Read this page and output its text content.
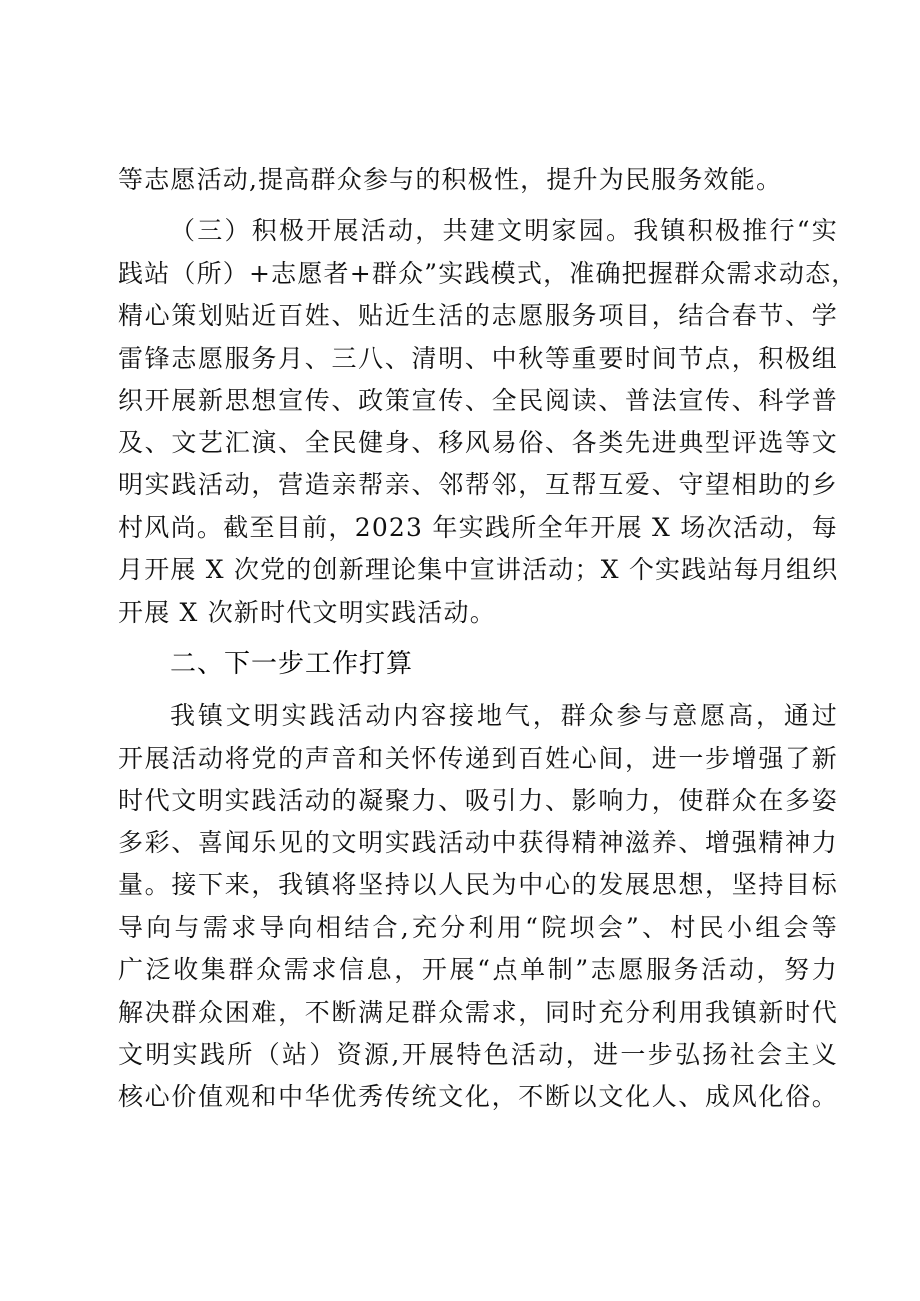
等志愿活动,提高群众参与的积极性，提升为民服务效能。
（三）积极开展活动，共建文明家园。我镇积极推行“实
践站（所）+志愿者+群众”实践模式，准确把握群众需求动态，
精心策划贴近百姓、贴近生活的志愿服务项目，结合春节、学
雷锋志愿服务月、三八、清明、中秋等重要时间节点，积极组
织开展新思想宣传、政策宣传、全民阅读、普法宣传、科学普
及、文艺汇演、全民健身、移风易俗、各类先进典型评选等文
明实践活动，营造亲帮亲、邻帮邻，互帮互爱、守望相助的乡
村风尚。截至目前，2023 年实践所全年开展 X 场次活动，每
月开展 X 次党的创新理论集中宣讲活动；X 个实践站每月组织
开展 X 次新时代文明实践活动。
二、下一步工作打算
我镇文明实践活动内容接地气，群众参与意愿高，通过
开展活动将党的声音和关怀传递到百姓心间，进一步增强了新
时代文明实践活动的凝聚力、吸引力、影响力，使群众在多姿
多彩、喜闻乐见的文明实践活动中获得精神滋养、增强精神力
量。接下来，我镇将坚持以人民为中心的发展思想，坚持目标
导向与需求导向相结合,充分利用“院坝会”、村民小组会等
广泛收集群众需求信息，开展“点单制”志愿服务活动，努力
解决群众困难，不断满足群众需求，同时充分利用我镇新时代
文明实践所（站）资源,开展特色活动，进一步弘扬社会主义
核心价值观和中华优秀传统文化，不断以文化人、成风化俗。
